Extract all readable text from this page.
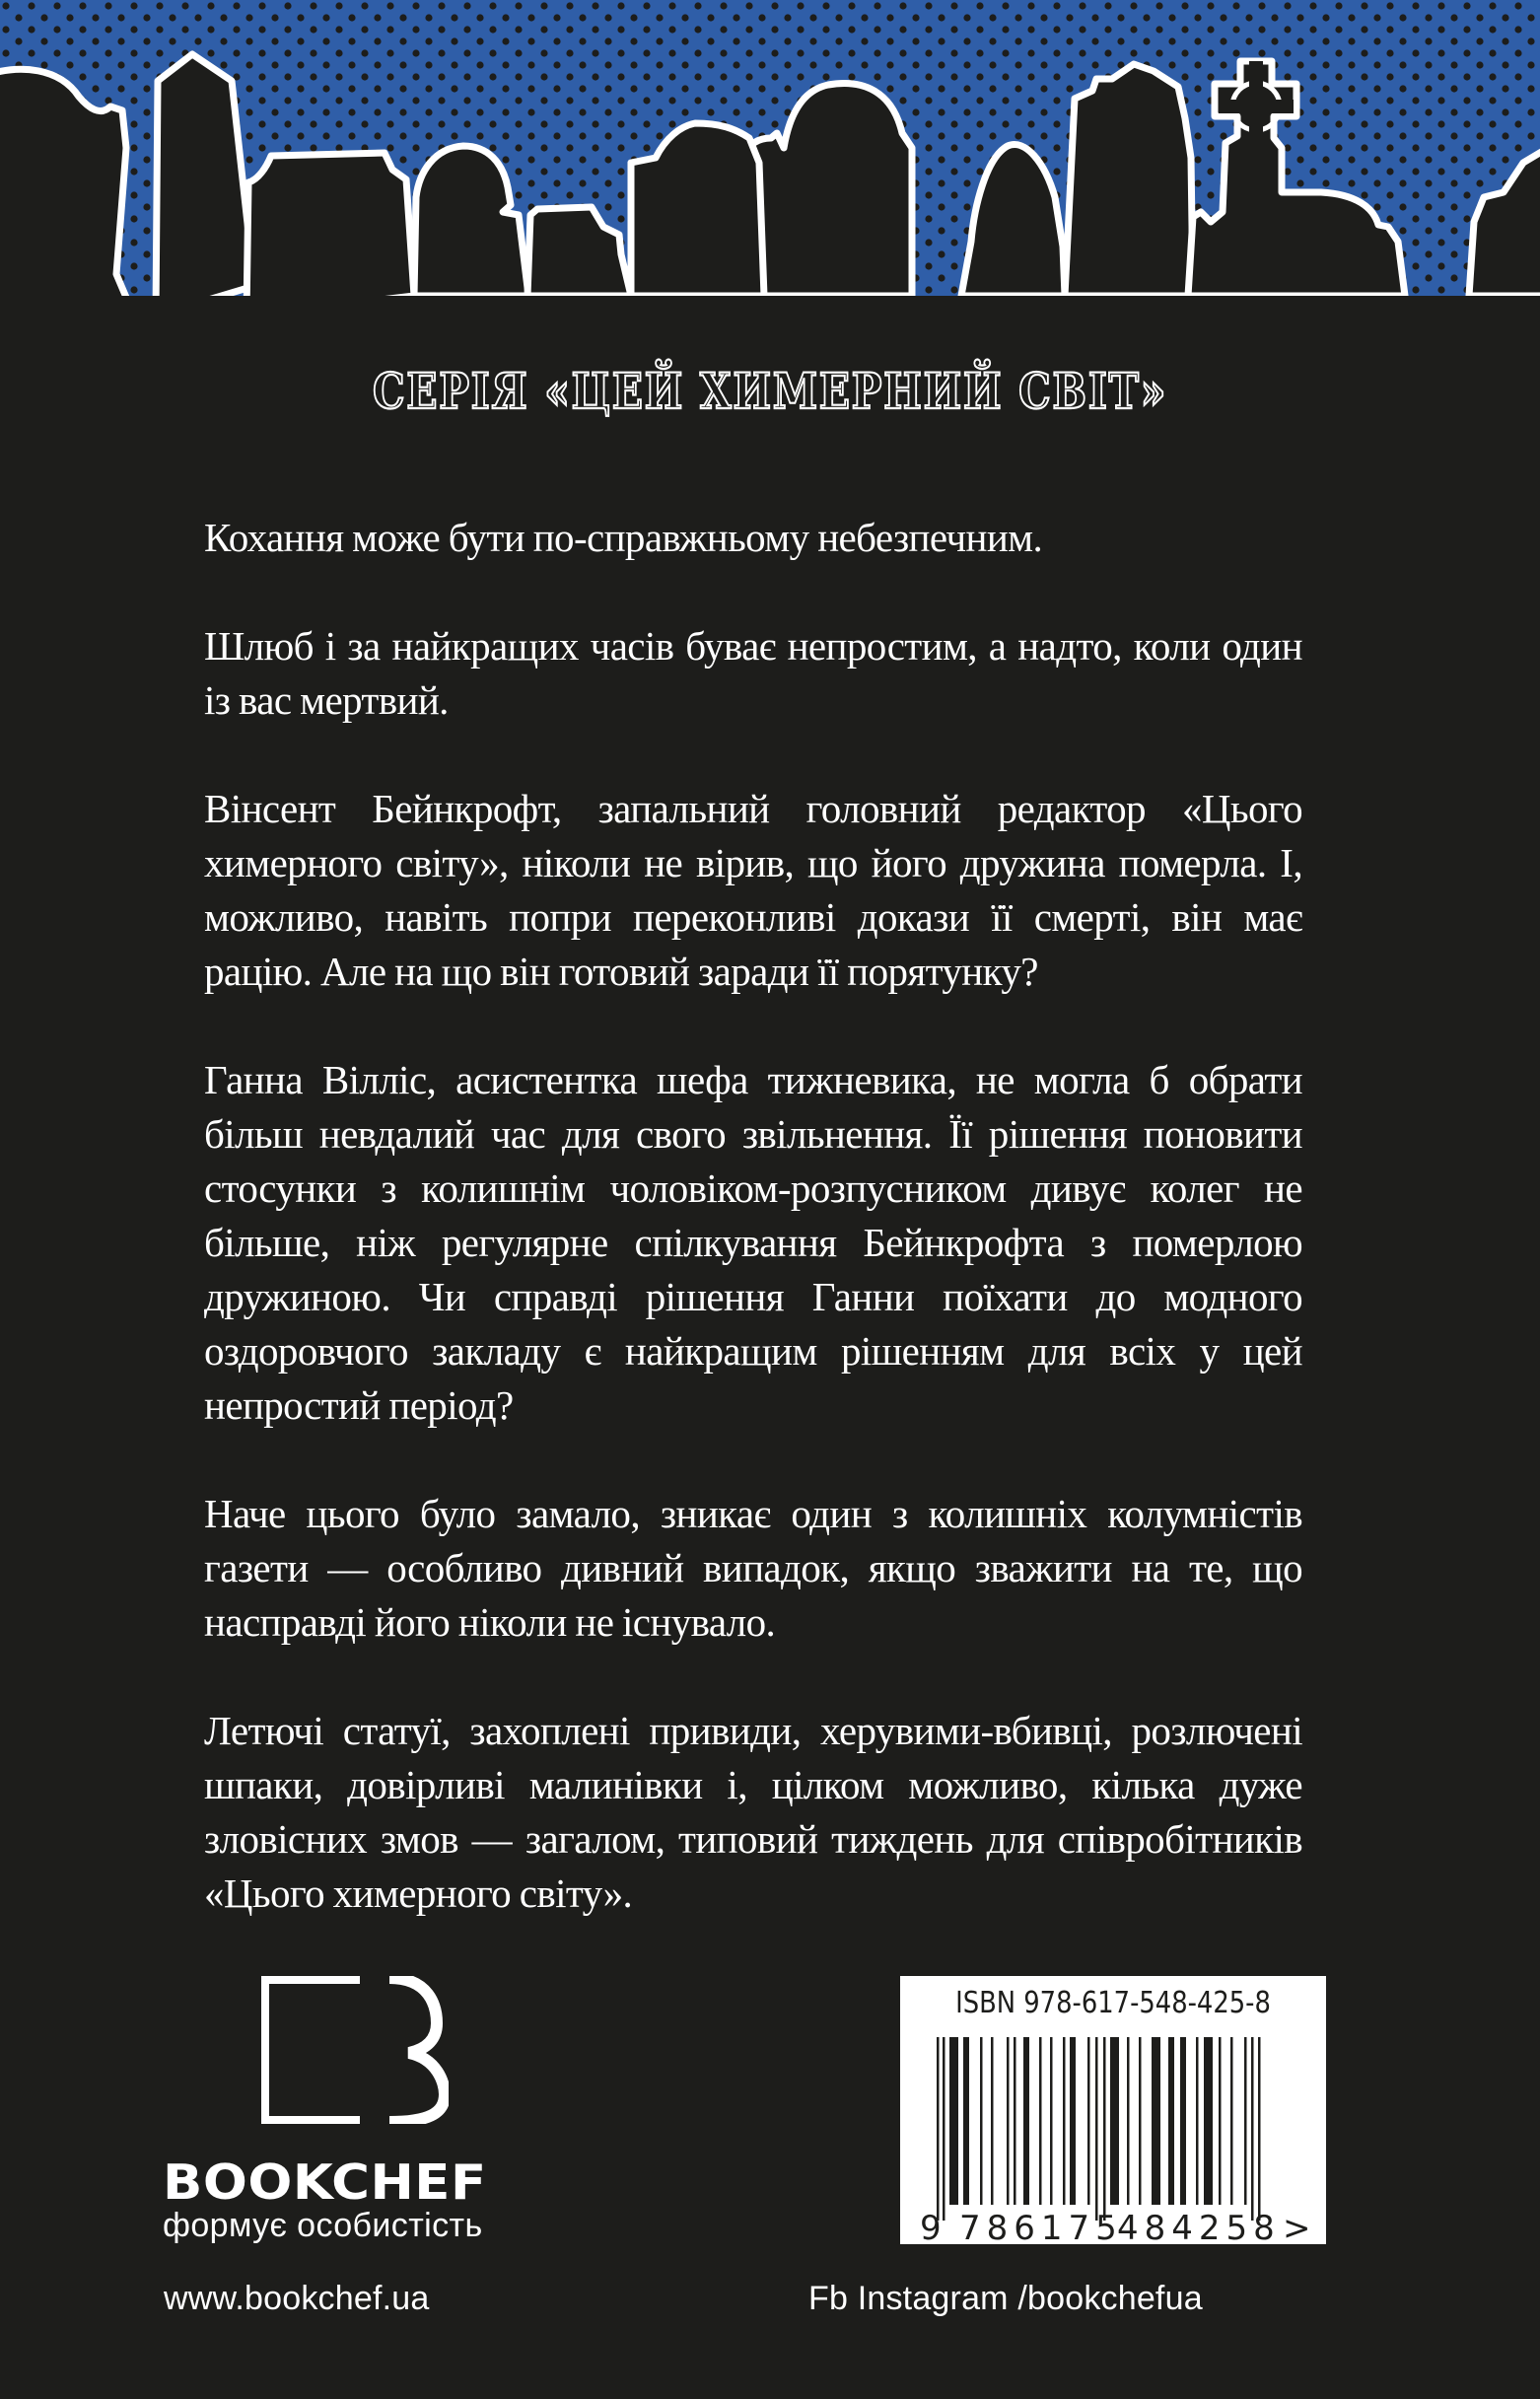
СЕРІЯ «ЦЕЙ ХИМЕРНИЙ СВІТ»

Кохання може бути по-справжньому небезпечним.

Шлюб і за найкращих часів буває непростим, а надто, коли один із вас мертвий.

Вінсент Бейнкрофт, запальний головний редактор «Цього химерного світу», ніколи не вірив, що його дружина померла. І, можливо, навіть попри переконливі докази її смерті, він має рацію. Але на що він готовий заради її порятунку?

Ганна Вілліс, асистентка шефа тижневика, не могла б обрати більш невдалий час для свого звільнення. Її рішення поновити стосунки з колишнім чоловіком-розпусником дивує колег не більше, ніж регулярне спілкування Бейнкрофта з померлою дружиною. Чи справді рішення Ганни поїхати до модного оздоровчого закладу є найкращим рішенням для всіх у цей непростий період?

Наче цього було замало, зникає один з колишніх колумністів газети — особливо дивний випадок, якщо зважити на те, що насправді його ніколи не існувало.

Летючі статуї, захоплені привиди, херувими-вбивці, розлючені шпаки, довірливі малинівки і, цілком можливо, кілька дуже зловісних змов — загалом, типовий тиждень для співробітників «Цього химерного світу».

BOOKCHEF
формує особистість
ISBN 978-617-548-425-8
9 786175
484258 >
www.bookchef.ua	Fb Instagram /bookchefua
